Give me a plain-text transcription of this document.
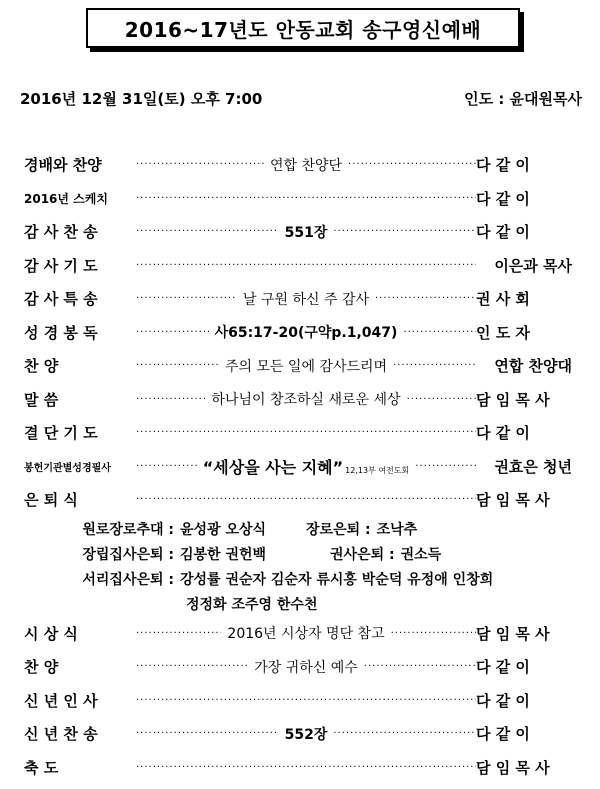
2016~17년도 안동교회 송구영신예배
2016년 12월 31일(토) 오후 7:00	인도 : 윤대원목사
경배와 찬양 ·····	연합 찬양단 ·····	다 같 이
2016년 스케치 ·····	다 같 이
감 사 찬 송 ·····	551장 ·····	다 같 이
감 사 기 도 ·····	이은과 목사
감 사 특 송 ·····	날 구원 하신 주 감사 ·····	권 사 회
성 경 봉 독 ·····	사65:17-20(구약p.1,047) ·····	인 도 자
찬 양 ·····	주의 모든 일에 감사드리며 ·····	연합 찬양대
말 씀 ·····	하나님이 창조하실 새로운 세상 ·····	담 임 목 사
결 단 기 도 ·····	다 같 이
봉헌기관별성경필사 ·····	“세상을 사는 지혜” 12,13부 여전도회 ·····	권효은 청년
은 퇴 식 ·····	담 임 목 사
원로장로추대 : 윤성광 오상식	장로은퇴 : 조낙추
장립집사은퇴 : 김봉한 권헌백	권사은퇴 : 권소득
서리집사은퇴 : 강성률 권순자 김순자 류시홍 박순덕 유정애 인창희
정정화 조주영 한수천
시 상 식 ·····	2016년 시상자 명단 참고 ·····	담 임 목 사
찬 양 ·····	가장 귀하신 예수 ·····	다 같 이
신 년 인 사 ·····	다 같 이
신 년 찬 송 ·····	552장 ·····	다 같 이
축 도 ·····	담 임 목 사
